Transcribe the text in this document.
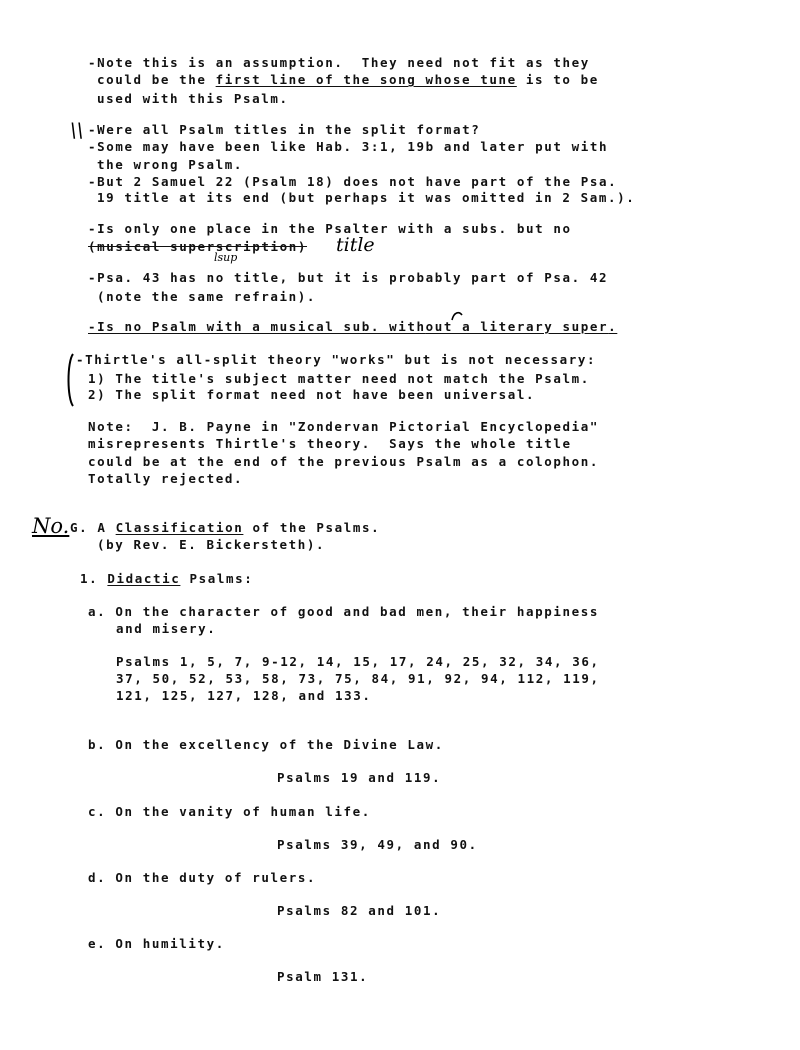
-Note this is an assumption.  They need not fit as they
could be the first line of the song whose tune is to be
used with this Psalm.
\\ -Were all Psalm titles in the split format?
-Some may have been like Hab. 3:1, 19b and later put with
the wrong Psalm.
-But 2 Samuel 22 (Psalm 18) does not have part of the Psa.
19 title at its end (but perhaps it was omitted in 2 Sam.).
-Is only one place in the Psalter with a subs. but no
(musical superscription)
lsup
title
-Psa. 43 has no title, but it is probably part of Psa. 42
(note the same refrain).
-Is no Psalm with a musical sub. without a literary super.
-Thirtle's all-split theory "works" but is not necessary:
1) The title's subject matter need not match the Psalm.
2) The split format need not have been universal.
Note:  J. B. Payne in "Zondervan Pictorial Encyclopedia"
misrepresents Thirtle's theory.  Says the whole title
could be at the end of the previous Psalm as a colophon.
Totally rejected.
No. G. A Classification of the Psalms.
(by Rev. E. Bickersteth).
1. Didactic Psalms:
a. On the character of good and bad men, their happiness
and misery.
Psalms 1, 5, 7, 9-12, 14, 15, 17, 24, 25, 32, 34, 36,
37, 50, 52, 53, 58, 73, 75, 84, 91, 92, 94, 112, 119,
121, 125, 127, 128, and 133.
b. On the excellency of the Divine Law.
Psalms 19 and 119.
c. On the vanity of human life.
Psalms 39, 49, and 90.
d. On the duty of rulers.
Psalms 82 and 101.
e. On humility.
Psalm 131.
